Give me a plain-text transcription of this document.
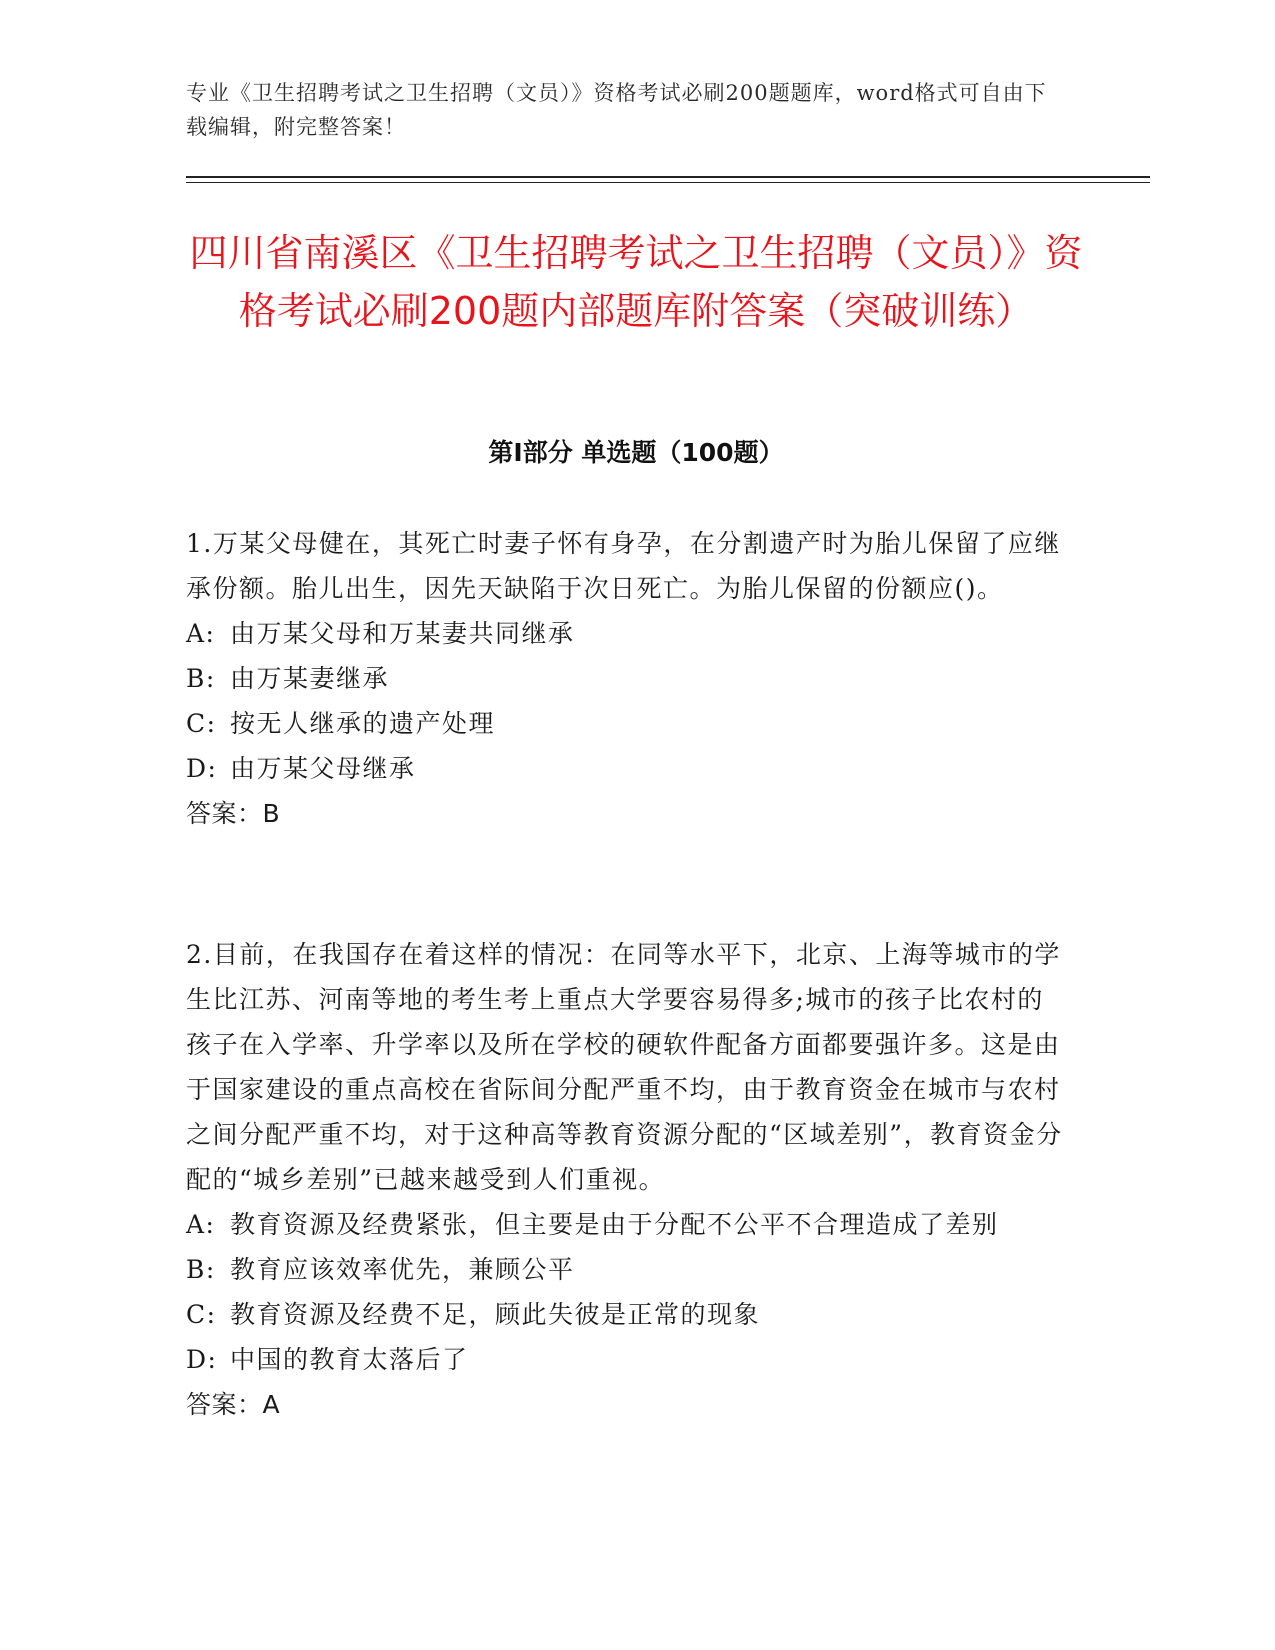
专业《卫生招聘考试之卫生招聘（文员）》资格考试必刷200题题库，word格式可自由下载编辑，附完整答案！
四川省南溪区《卫生招聘考试之卫生招聘（文员）》资格考试必刷200题内部题库附答案（突破训练）
第I部分 单选题（100题）

1.万某父母健在，其死亡时妻子怀有身孕，在分割遗产时为胎儿保留了应继承份额。胎儿出生，因先天缺陷于次日死亡。为胎儿保留的份额应()。

A: 由万某父母和万某妻共同继承

B: 由万某妻继承

C: 按无人继承的遗产处理

D: 由万某父母继承

答案：B

2.目前，在我国存在着这样的情况：在同等水平下，北京、上海等城市的学生比江苏、河南等地的考生考上重点大学要容易得多;城市的孩子比农村的孩子在入学率、升学率以及所在学校的硬软件配备方面都要强许多。这是由于国家建设的重点高校在省际间分配严重不均，由于教育资金在城市与农村之间分配严重不均，对于这种高等教育资源分配的“区域差别”，教育资金分配的“城乡差别”已越来越受到人们重视。

A: 教育资源及经费紧张，但主要是由于分配不公平不合理造成了差别

B: 教育应该效率优先，兼顾公平

C: 教育资源及经费不足，顾此失彼是正常的现象

D: 中国的教育太落后了

答案：A
